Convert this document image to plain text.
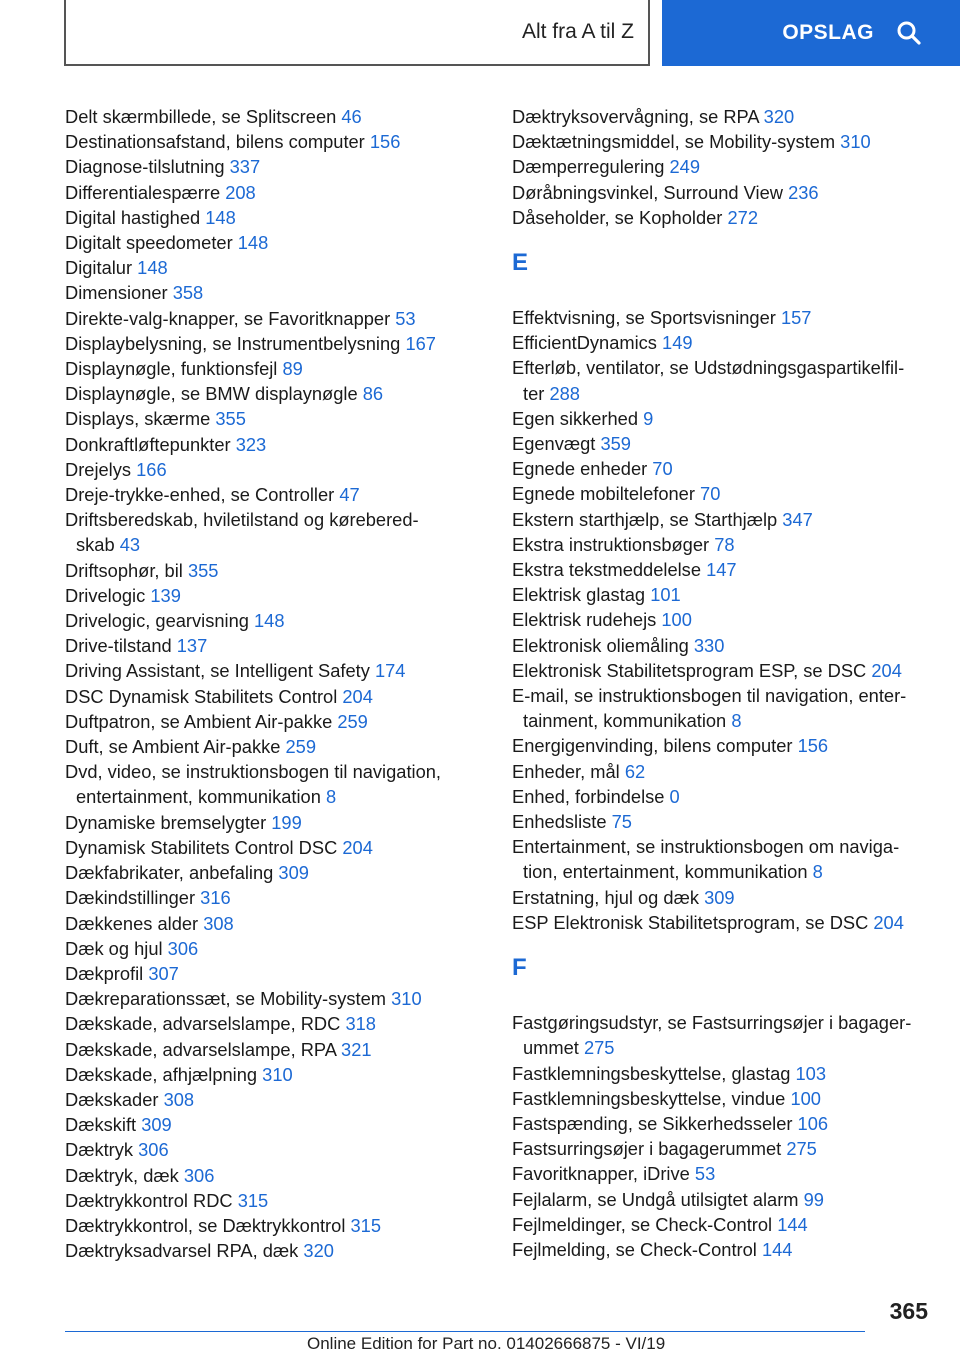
Alt fra A til Z	OPSLAG
Delt skærmbillede, se Splitscreen 46
Destinationsafstand, bilens computer 156
Diagnose-tilslutning 337
Differentialespærre 208
Digital hastighed 148
Digitalt speedometer 148
Digitalur 148
Dimensioner 358
Direkte-valg-knapper, se Favoritknapper 53
Displaybelysning, se Instrumentbelysning 167
Displaynøgle, funktionsfejl 89
Displaynøgle, se BMW displaynøgle 86
Displays, skærme 355
Donkraftløftepunkter 323
Drejelys 166
Dreje-trykke-enhed, se Controller 47
Driftsberedskab, hviletilstand og kørebered-
skab 43
Driftsophør, bil 355
Drivelogic 139
Drivelogic, gearvisning 148
Drive-tilstand 137
Driving Assistant, se Intelligent Safety 174
DSC Dynamisk Stabilitets Control 204
Duftpatron, se Ambient Air-pakke 259
Duft, se Ambient Air-pakke 259
Dvd, video, se instruktionsbogen til navigation,
entertainment, kommunikation 8
Dynamiske bremselygter 199
Dynamisk Stabilitets Control DSC 204
Dækfabrikater, anbefaling 309
Dækindstillinger 316
Dækkenes alder 308
Dæk og hjul 306
Dækprofil 307
Dækreparationssæt, se Mobility-system 310
Dækskade, advarselslampe, RDC 318
Dækskade, advarselslampe, RPA 321
Dækskade, afhjælpning 310
Dækskader 308
Dækskift 309
Dæktryk 306
Dæktryk, dæk 306
Dæktrykkontrol RDC 315
Dæktrykkontrol, se Dæktrykkontrol 315
Dæktryksadvarsel RPA, dæk 320
Dæktryksovervågning, se RPA 320
Dæktætningsmiddel, se Mobility-system 310
Dæmperregulering 249
Døråbningsvinkel, Surround View 236
Dåseholder, se Kopholder 272
E
Effektvisning, se Sportsvisninger 157
EfficientDynamics 149
Efterløb, ventilator, se Udstødningsgaspartikelfil-
ter 288
Egen sikkerhed 9
Egenvægt 359
Egnede enheder 70
Egnede mobiltelefoner 70
Ekstern starthjælp, se Starthjælp 347
Ekstra instruktionsbøger 78
Ekstra tekstmeddelelse 147
Elektrisk glastag 101
Elektrisk rudehejs 100
Elektronisk oliemåling 330
Elektronisk Stabilitetsprogram ESP, se DSC 204
E-mail, se instruktionsbogen til navigation, enter-
tainment, kommunikation 8
Energigenvinding, bilens computer 156
Enheder, mål 62
Enhed, forbindelse 0
Enhedsliste 75
Entertainment, se instruktionsbogen om naviga-
tion, entertainment, kommunikation 8
Erstatning, hjul og dæk 309
ESP Elektronisk Stabilitetsprogram, se DSC 204
F
Fastgøringsudstyr, se Fastsurringsøjer i bagager-
ummet 275
Fastklemningsbeskyttelse, glastag 103
Fastklemningsbeskyttelse, vindue 100
Fastspænding, se Sikkerhedsseler 106
Fastsurringsøjer i bagagerummet 275
Favoritknapper, iDrive 53
Fejlalarm, se Undgå utilsigtet alarm 99
Fejlmeldinger, se Check-Control 144
Fejlmelding, se Check-Control 144
365
Online Edition for Part no. 01402666875 - VI/19
